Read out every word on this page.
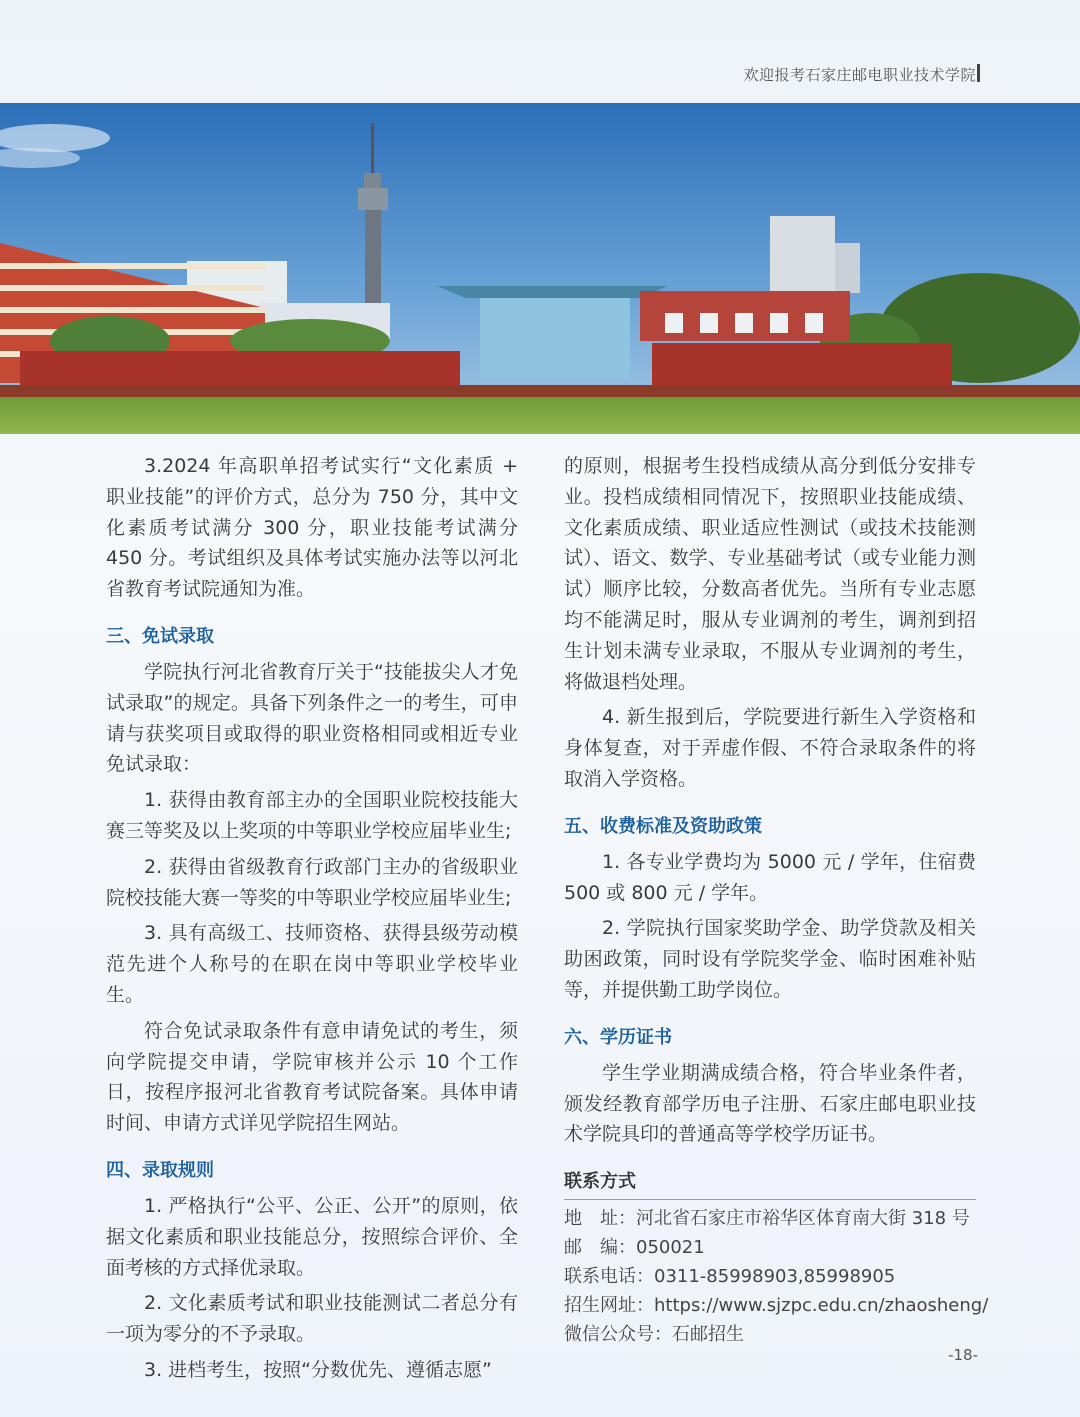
欢迎报考石家庄邮电职业技术学院

3.2024 年高职单招考试实行“文化素质 + 职业技能”的评价方式，总分为 750 分，其中文化素质考试满分 300 分，职业技能考试满分 450 分。考试组织及具体考试实施办法等以河北省教育考试院通知为准。

三、免试录取

学院执行河北省教育厅关于“技能拔尖人才免试录取”的规定。具备下列条件之一的考生，可申请与获奖项目或取得的职业资格相同或相近专业免试录取：

1. 获得由教育部主办的全国职业院校技能大赛三等奖及以上奖项的中等职业学校应届毕业生;

2. 获得由省级教育行政部门主办的省级职业院校技能大赛一等奖的中等职业学校应届毕业生;

3. 具有高级工、技师资格、获得县级劳动模范先进个人称号的在职在岗中等职业学校毕业生。

符合免试录取条件有意申请免试的考生，须向学院提交申请，学院审核并公示 10 个工作日，按程序报河北省教育考试院备案。具体申请时间、申请方式详见学院招生网站。

四、录取规则

1. 严格执行“公平、公正、公开”的原则，依据文化素质和职业技能总分，按照综合评价、全面考核的方式择优录取。

2. 文化素质考试和职业技能测试二者总分有一项为零分的不予录取。

3. 进档考生，按照“分数优先、遵循志愿”

的原则，根据考生投档成绩从高分到低分安排专业。投档成绩相同情况下，按照职业技能成绩、文化素质成绩、职业适应性测试（或技术技能测试）、语文、数学、专业基础考试（或专业能力测试）顺序比较，分数高者优先。当所有专业志愿均不能满足时，服从专业调剂的考生，调剂到招生计划未满专业录取，不服从专业调剂的考生，将做退档处理。

4. 新生报到后，学院要进行新生入学资格和身体复查，对于弄虚作假、不符合录取条件的将取消入学资格。

五、收费标准及资助政策

1. 各专业学费均为 5000 元 / 学年，住宿费 500 或 800 元 / 学年。

2. 学院执行国家奖助学金、助学贷款及相关助困政策，同时设有学院奖学金、临时困难补贴等，并提供勤工助学岗位。

六、学历证书

学生学业期满成绩合格，符合毕业条件者，颁发经教育部学历电子注册、石家庄邮电职业技术学院具印的普通高等学校学历证书。

联系方式
地　址：河北省石家庄市裕华区体育南大街 318 号
邮　编：050021
联系电话：0311-85998903,85998905
招生网址：https://www.sjzpc.edu.cn/zhaosheng/
微信公众号：石邮招生
-18-
